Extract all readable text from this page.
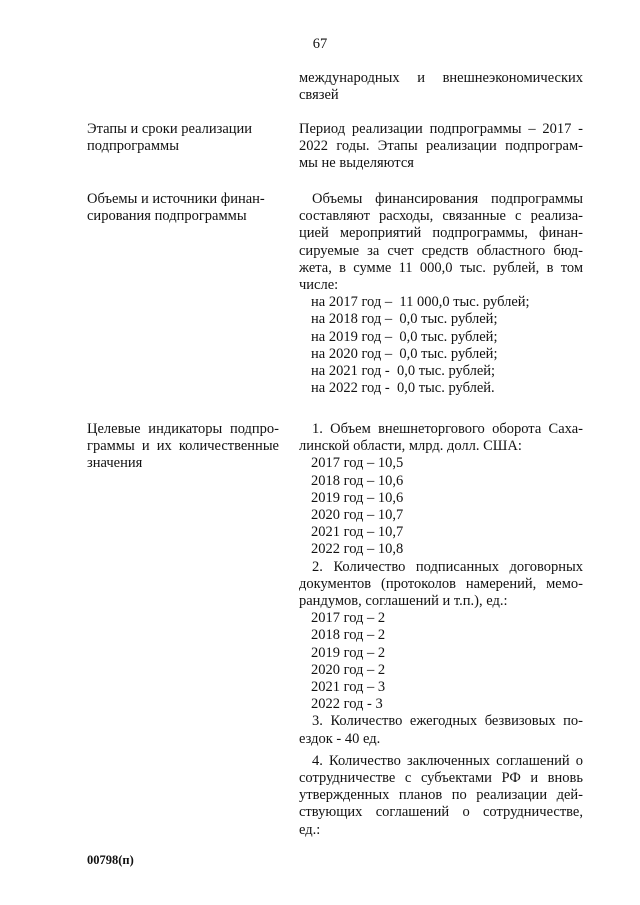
67
международных и внешнеэкономических
связей
Этапы и сроки реализации
подпрограммы
Период реализации подпрограммы – 2017 -
2022 годы. Этапы реализации подпрограм-
мы не выделяются
Объемы и источники финан-
сирования подпрограммы
Объемы финансирования подпрограммы
составляют расходы, связанные с реализа-
цией мероприятий подпрограммы, финан-
сируемые за счет средств областного бюд-
жета, в сумме 11 000,0 тыс. рублей, в том
числе:
на 2017 год –  11 000,0 тыс. рублей;
на 2018 год –  0,0 тыс. рублей;
на 2019 год –  0,0 тыс. рублей;
на 2020 год –  0,0 тыс. рублей;
на 2021 год -  0,0 тыс. рублей;
на 2022 год -  0,0 тыс. рублей.
Целевые индикаторы подпро-
граммы и их количественные
значения
1. Объем внешнеторгового оборота Саха-
линской области, млрд. долл. США:
2017 год – 10,5
2018 год – 10,6
2019 год – 10,6
2020 год – 10,7
2021 год – 10,7
2022 год – 10,8
2. Количество подписанных договорных
документов (протоколов намерений, мемо-
рандумов, соглашений и т.п.), ед.:
2017 год – 2
2018 год – 2
2019 год – 2
2020 год – 2
2021 год – 3
2022 год - 3
3. Количество ежегодных безвизовых по-
ездок - 40 ед.
4. Количество заключенных соглашений о
сотрудничестве с субъектами РФ и вновь
утвержденных планов по реализации дей-
ствующих соглашений о сотрудничестве,
ед.:
00798(п)
